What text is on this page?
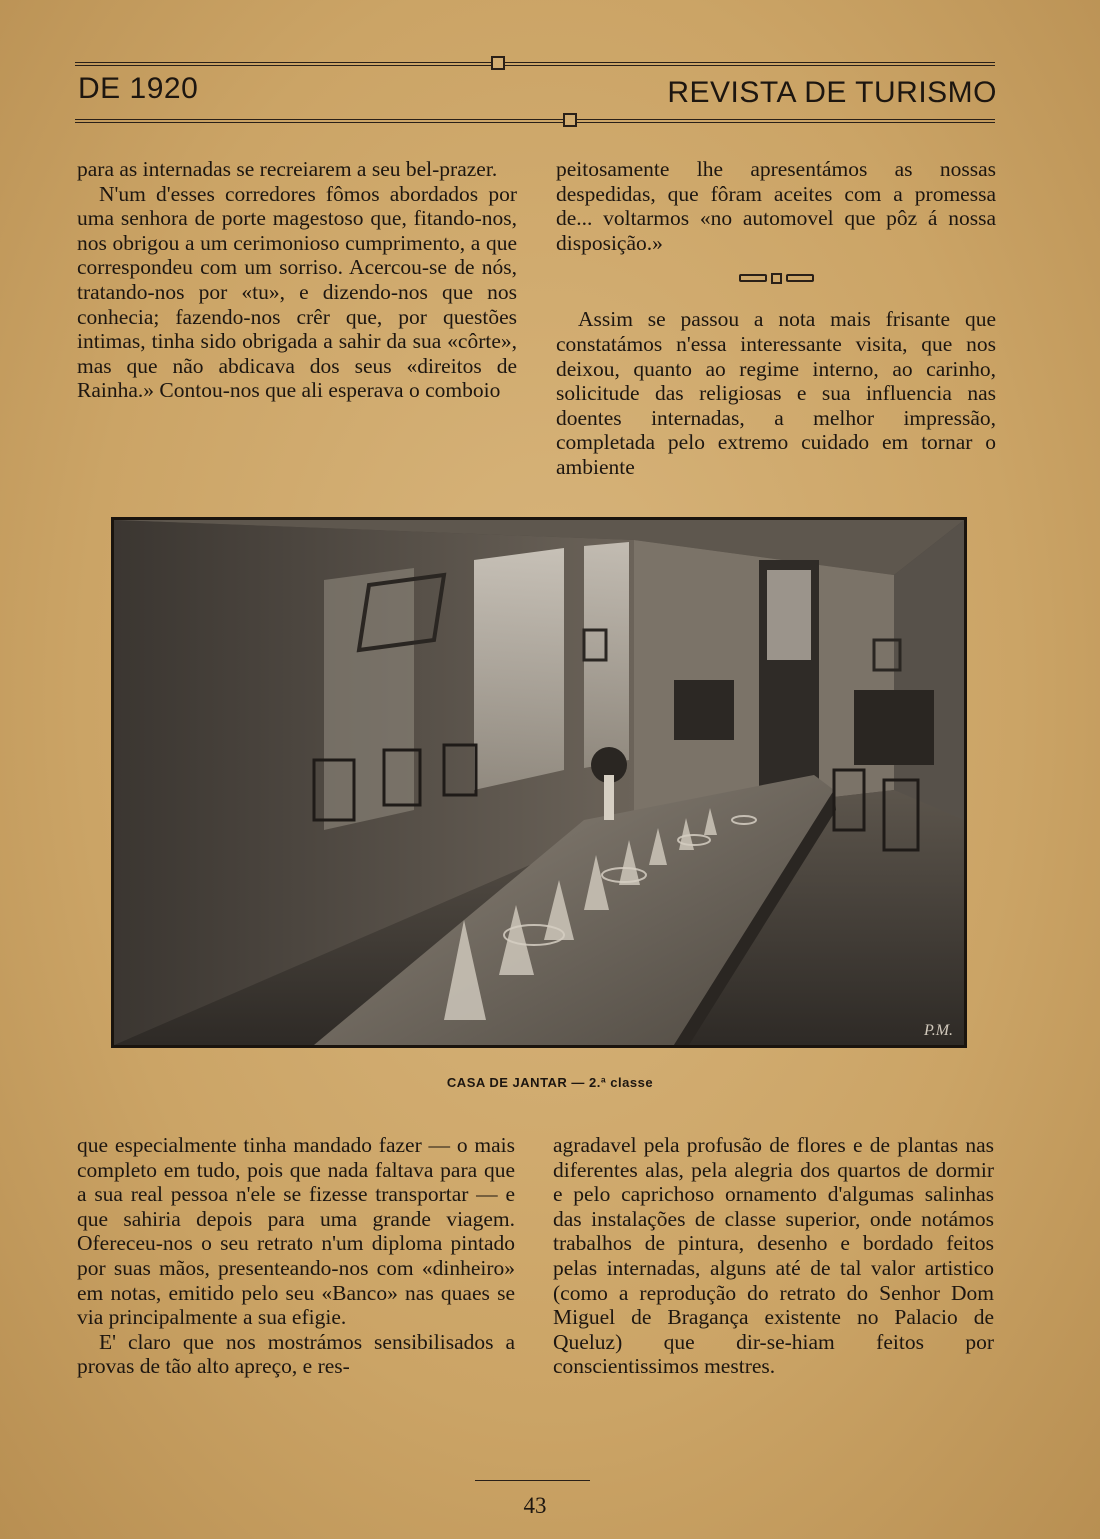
DE 1920	REVISTA DE TURISMO

para as internadas se recreiarem a seu bel-prazer.

N'um d'esses corredores fômos abordados por uma senhora de porte magestoso que, fitando-nos, nos obrigou a um cerimonioso cumprimento, a que correspondeu com um sorriso. Acercou-se de nós, tratando-nos por «tu», e dizendo-nos que nos conhecia; fazendo-nos crêr que, por questões intimas, tinha sido obrigada a sahir da sua «côrte», mas que não abdicava dos seus «direitos de Rainha.» Contou-nos que ali esperava o comboio

peitosamente lhe apresentámos as nossas despedidas, que fôram aceites com a promessa de... voltarmos «no automovel que pôz á nossa disposição.»

Assim se passou a nota mais frisante que constatámos n'essa interessante visita, que nos deixou, quanto ao regime interno, ao carinho, solicitude das religiosas e sua influencia nas doentes internadas, a melhor impressão, completada pelo extremo cuidado em tornar o ambiente

P.M.
CASA DE JANTAR — 2.ª classe

que especialmente tinha mandado fazer — o mais completo em tudo, pois que nada faltava para que a sua real pessoa n'ele se fizesse transportar — e que sahiria depois para uma grande viagem. Ofereceu-nos o seu retrato n'um diploma pintado por suas mãos, presenteando-nos com «dinheiro» em notas, emitido pelo seu «Banco» nas quaes se via principalmente a sua efigie.

E' claro que nos mostrámos sensibilisados a provas de tão alto apreço, e res-

agradavel pela profusão de flores e de plantas nas diferentes alas, pela alegria dos quartos de dormir e pelo caprichoso ornamento d'algumas salinhas das instalações de classe superior, onde notámos trabalhos de pintura, desenho e bordado feitos pelas internadas, alguns até de tal valor artistico (como a reprodução do retrato do Senhor Dom Miguel de Bragança existente no Palacio de Queluz) que dir-se-hiam feitos por conscientissimos mestres.

43
